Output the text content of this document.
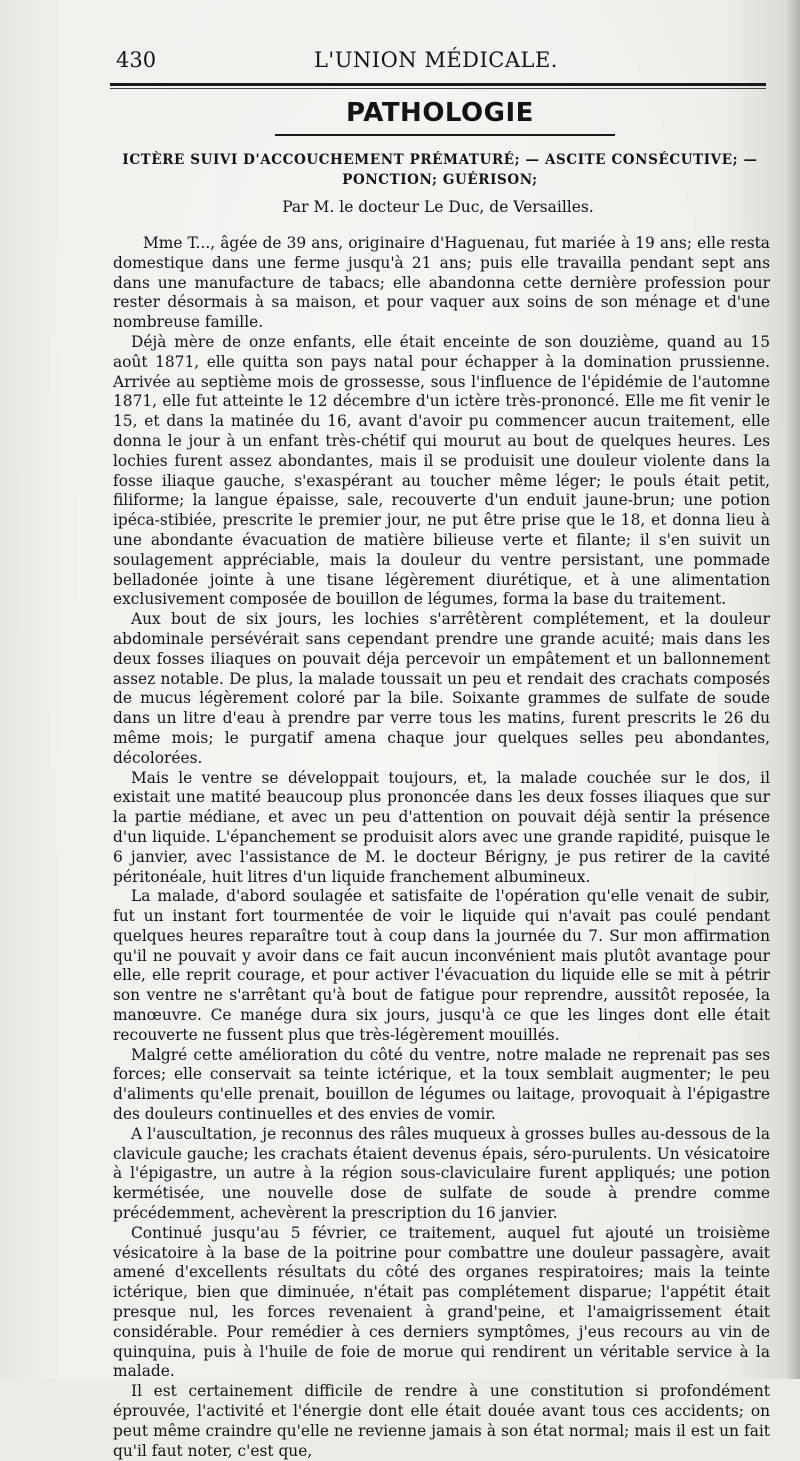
430	L'UNION MÉDICALE.
PATHOLOGIE
ICTÈRE SUIVI D'ACCOUCHEMENT PRÉMATURÉ; — ASCITE CONSÉCUTIVE; — PONCTION; GUÉRISON;
Par M. le docteur Le Duc, de Versailles.

Mme T..., âgée de 39 ans, originaire d'Haguenau, fut mariée à 19 ans; elle resta domestique dans une ferme jusqu'à 21 ans; puis elle travailla pendant sept ans dans une manufacture de tabacs; elle abandonna cette dernière profession pour rester désormais à sa maison, et pour vaquer aux soins de son ménage et d'une nombreuse famille.

Déjà mère de onze enfants, elle était enceinte de son douzième, quand au 15 août 1871, elle quitta son pays natal pour échapper à la domination prussienne. Arrivée au septième mois de grossesse, sous l'influence de l'épidémie de l'automne 1871, elle fut atteinte le 12 décembre d'un ictère très-prononcé. Elle me fit venir le 15, et dans la matinée du 16, avant d'avoir pu commencer aucun traitement, elle donna le jour à un enfant très-chétif qui mourut au bout de quelques heures. Les lochies furent assez abondantes, mais il se produisit une douleur violente dans la fosse iliaque gauche, s'exaspérant au toucher même léger; le pouls était petit, filiforme; la langue épaisse, sale, recouverte d'un enduit jaune-brun; une potion ipéca-stibiée, prescrite le premier jour, ne put être prise que le 18, et donna lieu à une abondante évacuation de matière bilieuse verte et filante; il s'en suivit un soulagement appréciable, mais la douleur du ventre persistant, une pommade belladonée jointe à une tisane légèrement diurétique, et à une alimentation exclusivement composée de bouillon de légumes, forma la base du traitement.

Aux bout de six jours, les lochies s'arrêtèrent complétement, et la douleur abdominale persévérait sans cependant prendre une grande acuité; mais dans les deux fosses iliaques on pouvait déja percevoir un empâtement et un ballonnement assez notable. De plus, la malade toussait un peu et rendait des crachats composés de mucus légèrement coloré par la bile. Soixante grammes de sulfate de soude dans un litre d'eau à prendre par verre tous les matins, furent prescrits le 26 du même mois; le purgatif amena chaque jour quelques selles peu abondantes, décolorées.

Mais le ventre se développait toujours, et, la malade couchée sur le dos, il existait une matité beaucoup plus prononcée dans les deux fosses iliaques que sur la partie médiane, et avec un peu d'attention on pouvait déjà sentir la présence d'un liquide. L'épanchement se produisit alors avec une grande rapidité, puisque le 6 janvier, avec l'assistance de M. le docteur Bérigny, je pus retirer de la cavité péritonéale, huit litres d'un liquide franchement albumineux.

La malade, d'abord soulagée et satisfaite de l'opération qu'elle venait de subir, fut un instant fort tourmentée de voir le liquide qui n'avait pas coulé pendant quelques heures reparaître tout à coup dans la journée du 7. Sur mon affirmation qu'il ne pouvait y avoir dans ce fait aucun inconvénient mais plutôt avantage pour elle, elle reprit courage, et pour activer l'évacuation du liquide elle se mit à pétrir son ventre ne s'arrêtant qu'à bout de fatigue pour reprendre, aussitôt reposée, la manœuvre. Ce manége dura six jours, jusqu'à ce que les linges dont elle était recouverte ne fussent plus que très-légèrement mouillés.

Malgré cette amélioration du côté du ventre, notre malade ne reprenait pas ses forces; elle conservait sa teinte ictérique, et la toux semblait augmenter; le peu d'aliments qu'elle prenait, bouillon de légumes ou laitage, provoquait à l'épigastre des douleurs continuelles et des envies de vomir.

A l'auscultation, je reconnus des râles muqueux à grosses bulles au-dessous de la clavicule gauche; les crachats étaient devenus épais, séro-purulents. Un vésicatoire à l'épigastre, un autre à la région sous-claviculaire furent appliqués; une potion kermétisée, une nouvelle dose de sulfate de soude à prendre comme précédemment, achevèrent la prescription du 16 janvier.

Continué jusqu'au 5 février, ce traitement, auquel fut ajouté un troisième vésicatoire à la base de la poitrine pour combattre une douleur passagère, avait amené d'excellents résultats du côté des organes respiratoires; mais la teinte ictérique, bien que diminuée, n'était pas complétement disparue; l'appétit était presque nul, les forces revenaient à grand'peine, et l'amaigrissement était considérable. Pour remédier à ces derniers symptômes, j'eus recours au vin de quinquina, puis à l'huile de foie de morue qui rendirent un véritable service à la malade.

Il est certainement difficile de rendre à une constitution si profondément éprouvée, l'activité et l'énergie dont elle était douée avant tous ces accidents; on peut même craindre qu'elle ne revienne jamais à son état normal; mais il est un fait qu'il faut noter, c'est que,
